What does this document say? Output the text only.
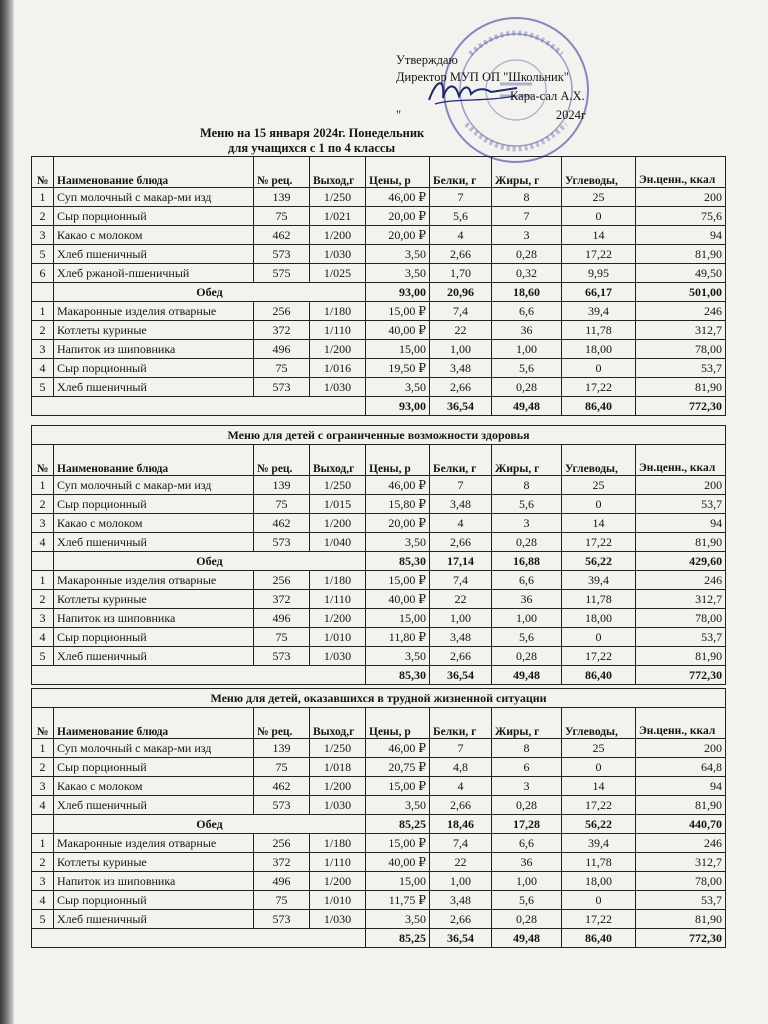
Утверждаю
Директор МУП ОП "Школьник"
Кара-сал А.Х.
"	2024г
Меню на 15 января 2024г. Понедельник
для учащихся с 1 по 4 классы
№	Наименование блюда	№ рец.	Выход,г	Цены, р	Белки, г	Жиры, г	Углеводы,	Эн.ценн., ккал
1	Суп молочный с макар-ми изд	139	1/250	46,00 ₽	7	8	25	200
2	Сыр порционный	75	1/021	20,00 ₽	5,6	7	0	75,6
3	Какао с молоком	462	1/200	20,00 ₽	4	3	14	94
5	Хлеб пшеничный	573	1/030	3,50	2,66	0,28	17,22	81,90
6	Хлеб ржаной-пшеничный	575	1/025	3,50	1,70	0,32	9,95	49,50
	Обед			93,00	20,96	18,60	66,17	501,00
1	Макаронные изделия отварные	256	1/180	15,00 ₽	7,4	6,6	39,4	246
2	Котлеты куриные	372	1/110	40,00 ₽	22	36	11,78	312,7
3	Напиток из шиповника	496	1/200	15,00	1,00	1,00	18,00	78,00
4	Сыр порционный	75	1/016	19,50 ₽	3,48	5,6	0	53,7
5	Хлеб пшеничный	573	1/030	3,50	2,66	0,28	17,22	81,90
				93,00	36,54	49,48	86,40	772,30
Меню для детей с ограниченные возможности здоровья								
№	Наименование блюда	№ рец.	Выход,г	Цены, р	Белки, г	Жиры, г	Углеводы,	Эн.ценн., ккал
1	Суп молочный с макар-ми изд	139	1/250	46,00 ₽	7	8	25	200
2	Сыр порционный	75	1/015	15,80 ₽	3,48	5,6	0	53,7
3	Какао с молоком	462	1/200	20,00 ₽	4	3	14	94
4	Хлеб пшеничный	573	1/040	3,50	2,66	0,28	17,22	81,90
	Обед			85,30	17,14	16,88	56,22	429,60
1	Макаронные изделия отварные	256	1/180	15,00 ₽	7,4	6,6	39,4	246
2	Котлеты куриные	372	1/110	40,00 ₽	22	36	11,78	312,7
3	Напиток из шиповника	496	1/200	15,00	1,00	1,00	18,00	78,00
4	Сыр порционный	75	1/010	11,80 ₽	3,48	5,6	0	53,7
5	Хлеб пшеничный	573	1/030	3,50	2,66	0,28	17,22	81,90
				85,30	36,54	49,48	86,40	772,30
Меню для детей, оказавшихся в трудной жизненной ситуации								
№	Наименование блюда	№ рец.	Выход,г	Цены, р	Белки, г	Жиры, г	Углеводы,	Эн.ценн., ккал
1	Суп молочный с макар-ми изд	139	1/250	46,00 ₽	7	8	25	200
2	Сыр порционный	75	1/018	20,75 ₽	4,8	6	0	64,8
3	Какао с молоком	462	1/200	15,00 ₽	4	3	14	94
4	Хлеб пшеничный	573	1/030	3,50	2,66	0,28	17,22	81,90
	Обед			85,25	18,46	17,28	56,22	440,70
1	Макаронные изделия отварные	256	1/180	15,00 ₽	7,4	6,6	39,4	246
2	Котлеты куриные	372	1/110	40,00 ₽	22	36	11,78	312,7
3	Напиток из шиповника	496	1/200	15,00	1,00	1,00	18,00	78,00
4	Сыр порционный	75	1/010	11,75 ₽	3,48	5,6	0	53,7
5	Хлеб пшеничный	573	1/030	3,50	2,66	0,28	17,22	81,90
				85,25	36,54	49,48	86,40	772,30
